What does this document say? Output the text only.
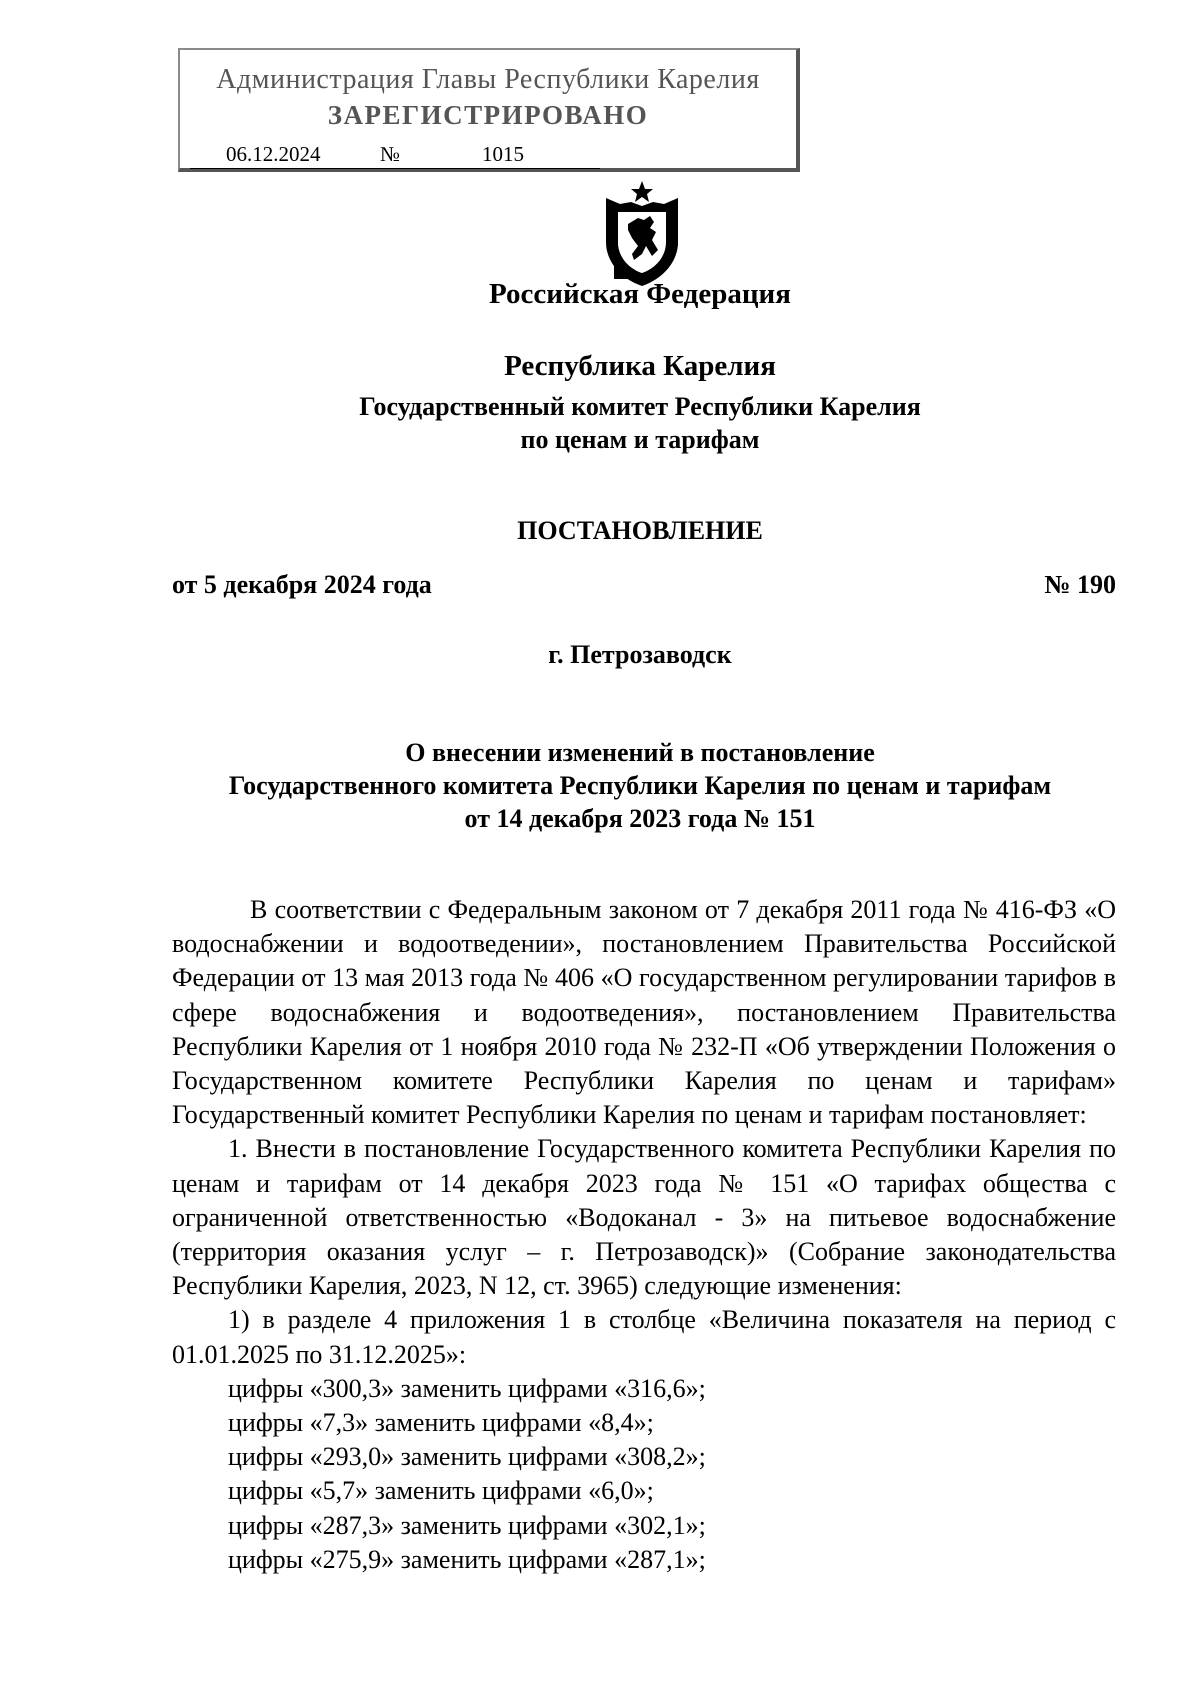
Администрация Главы Республики Карелия
ЗАРЕГИСТРИРОВАНО
06.12.2024	№	1015
Российская Федерация
Республика Карелия
Государственный комитет Республики Карелия
по ценам и тарифам
ПОСТАНОВЛЕНИЕ
от 5 декабря 2024 года	№ 190
г. Петрозаводск
О внесении изменений в постановление
Государственного комитета Республики Карелия по ценам и тарифам
от 14 декабря 2023 года № 151

В соответствии с Федеральным законом от 7 декабря 2011 года № 416-ФЗ «О водоснабжении и водоотведении», постановлением Правительства Российской Федерации от 13 мая 2013 года № 406 «О государственном регулировании тарифов в сфере водоснабжения и водоотведения», постановлением Правительства Республики Карелия от 1 ноября 2010 года № 232-П «Об утверждении Положения о Государственном комитете Республики Карелия по ценам и тарифам» Государственный комитет Республики Карелия по ценам и тарифам постановляет:

1. Внести в постановление Государственного комитета Республики Карелия по ценам и тарифам от 14 декабря 2023 года № 151 «О тарифах общества с ограниченной ответственностью «Водоканал - 3» на питьевое водоснабжение (территория оказания услуг – г. Петрозаводск)» (Собрание законодательства Республики Карелия, 2023, N 12, ст. 3965) следующие изменения:

1) в разделе 4 приложения 1 в столбце «Величина показателя на период с 01.01.2025 по 31.12.2025»:

цифры «300,3» заменить цифрами «316,6»;
цифры «7,3» заменить цифрами «8,4»;
цифры «293,0» заменить цифрами «308,2»;
цифры «5,7» заменить цифрами «6,0»;
цифры «287,3» заменить цифрами «302,1»;
цифры «275,9» заменить цифрами «287,1»;
